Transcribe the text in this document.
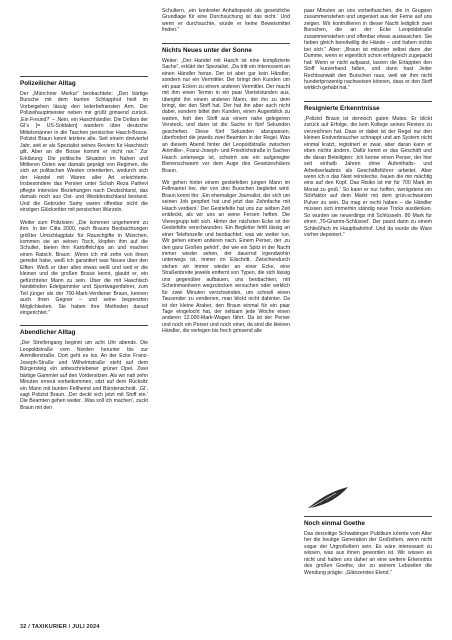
Polizeilicher Alltag

Der „Münchner Merkur“ beobachtete: „Den bärtige Bursche mit dem bunten Schlapphut hielt im Vorbeigehen lässig den lederbefransten Arm. Der Polizeihauptmeister neben mir grüßt grinsend zurück. ‚Ein Freund?‘ – ‚Nein, ein Haschhändler. Die Dollars der GI’s [= US-Soldaten] wandern über deutsche Mittelsmänner in die Taschen persischer Hasch-Bosse. Polizist Braun kennt letztere alle. Seit einem dreiviertel Jahr, seit er als Spezialist seines Reviers für Haschisch gilt. Aber an die Bosse kommt er nicht ran.“ Zur Erklärung: Die politische Situation im Nahen und Mittleren Osten war damals geprägt von Regimen, die sich an politischen Westen orientierten, wodurch sich der Handel mit Waren aller Art erleichterte. Insbesondere das Persien unter Schah Reza Pahlevi pflegte intensive Beziehungen nach Deutschland, das damals noch aus Ost- und Westdeutschland bestand. Und die Gebrüder Samy waren offenbar nicht die einzigen Glücksritter mit persischen Wurzeln.

Weiter zum Polizisten: „Die kommen ungehemmt zu ihm. In der Citta 2000, nach Brauns Beobachtungen größter Umschlagplatz für Rauschgifte in München, kommen sie an seinen Tisch, klopfen ihm auf die Schulter, bieten ihm Kartoffelchips an und machen einen Ratsch. Braun: ‚Wenn ich mit zehn von ihnen geredet habe, weiß ich garantiert was Neues über den Elften. Weiß er über alles etwas weiß und weil er die kleinen und die großen Bosse kennt, glaubt er, ein gefürchteter Mann zu sein. Über die mit Haschisch handelnden Edelgammler und Sportwagenfahrer, zum Teil jünger als der 700-Mark-Verdiener Braun, kennen auch ihren Gegner – und seine begrenzten Möglichkeiten. Sie haben ihre Methoden darauf eingerichtet.“

Abendlicher Alltag

„Der Streifengang beginnt um acht Uhr abends. Die Leopoldstraße vom Norden herunter bis zur Ainmillerstraße. Dort geht es los. An der Ecke Franz-Joseph-Straße und Wilhelmstraße steht auf dem Bürgersteig ein unbeschriebener grüner Opel. Zwei bärtige Gammler auf den Vordersitzen. Als wir nah zehn Minuten erneut vorbeikommen, sitzt auf dem Rücksitz ein Mann mit bunten Fellhemd und Bürstenschnitt. ‚GI‘, sagt Polizist Braun. ‚Der deckt sich jetzt mit Stoff ein.‘ Die Beamten gehen weiter. ‚Was soll ich machen‘, zuckt Braun mit den

Schultern, ‚ein konkreter Anhaltspunkt als gesetzliche Grundlage für eine Durchsuchung ist das nicht.‘ Und wenn er durchsuchte, würde er keine Beweismittel finden.“

Nichts Neues unter der Sonne

Weiter: „Der Handel mit Hasch ist eine komplizierte Sache“, erklärt der Spezialist. „Da tritt ein Interessent an einen Händler heran. Der ist aber gar kein Händler, sondern nur ein Vermittler. Der bringt den Kunden um ein paar Ecken zu einem anderen Vermittler. Der macht mit ihm einen Termin in ein paar Viertelstunden aus, übergibt ihn einem anderen Mann, der ihn zu dem bringt, der den Stoff hat. Der hat ihn aber auch nicht dabei, sondern bittet den Kunden, einen Augenblick zu warten, holt den Stoff aus einem nahe gelegenen Versteck, und dann ist die Sache in fünf Sekunden geschehen. Diese fünf Sekunden abzupassen, überfordert die jeweils zwei Beamten in der Regel. Was an diesem Abend hinter der Leopoldstraße zwischen Ainmiller-, Franz-Joseph- und Friedrichstraße in Sachen Hasch unterwegs ist, schwirrt wie ein aufgeregter Bienenschwarm vor dem Auge des Gesetzeshüters Braun.

Wir gehen hinter einem gestiefelten jungen Mann im Fellmantel her, der von drei Burschen begleitet wird. Braun kennt ihn: ‚Ein ehemaliger Journalist, der sich um seinen Job geopfert hat und jetzt das Zehnfache mit Hasch verdient.‘ Der Gestiefelte hat uns zur selben Zeit entdeckt, als wir uns an seine Fersen heften. Die Vierergrupp teilt sich. Hinter der nächsten Ecke ist der Gestiefelte verschwunden. Ein Begleiter fehlt lässig an einer Telefonzelle und beobachtet, was wir weiter tun. Wir gehen einem anderen nach. Einem Perser, der ‚zu den ganz Großen gehört‘, der wie ein Spitz in der Nacht immer wieder sehen, der dauernd irgendwohin unterwegs ist, immer im Eilschritt. Zwischendurch stehen wir immer wieder an einer Ecke, eine Straßenbreite jeweils entfernt von Typen, die sich lässig uns gegenüber aufbauen, uns beobachten, mit Scheinmanövern wegzulocken versuchen oder wirklich für zwei Minuten verschwinden, um schnell einen Tausender zu verdienen, man blickt nicht dahinter. Da ist der kleine Araber, den Braun einmal für ein paar Tage eingelocht hat, der seltsam jede Woche einen anderen 12.000-Mark-Wagen fährt. Da ist der Perser und noch ein Perser und noch einer, da sind die kleinen Händler, die verlegen bis frech grinsend alle

paar Minuten an uns vorbeihuschen, die in Gruppen zusammenstehen und ungeniert aus der Ferne auf uns zeigen. Wir kontrollieren in dieser Nacht lediglich zwei Burschen, die an der Ecke Leopoldstraße zusammenstehen und offenbar etwas austauschen. Sie heben gleich bereitwillig die Hände – und haben nichts bei sich.“ Aber: „Braun ist mitunter selbst dann ‚der Dumme, wenn er eigentlich schon erfolgreich zugepackt hat: Wenn er nicht aufpasst, lassen die Ertappten den Stoff kurzerhand fallen, und dann hast Jeder Rechtsanwalt den Burschen raus, weil wir ihm nicht hundertprozentig nachweisen können, dass er den Stoff wirklich gehabt hat.“

Resignierte Erkenntnisse

„Polizist Braun ist dennoch guten Mutes. Er blickt zurück auf Erfolge, die kein Kollege seines Reviers zu verzeichnen hat. Dass er dabei ist der Regel nur den kleinen Endverbraucher schnappt und am System nicht einmal kratzt, registriert er zwar, aber daran kann er eben nichts ändern. Dafür kennt er das Geschäft und die daran Beteiligten: ‚Ich kenne einen Perser, der hier seit einhalb Jahren ohne Aufenthalts- und Arbeitserlaubnis als Geschäftsführer arbeitet. Aber wenn ich n das Nest reinsteche, hauen die mir mächtig eins auf den Kopf. Das Risiko ist mir für 700 Mark im Monat zu groß.‘ So kann er nur hoffen, wenigstens ein Störfaktor auf dem Markt mit dem grün-schwarzen Pulver zu sein. Da mag er recht haben – die Händler müssen sich immerhin ständig neue Tricks ausdenken. So wurden sie neuerdings mit Schlüsseln. 80 Mark für einen ‚70-Gramm-Schlüssel‘. Der passt dann zu einem Schließfach im Hauptbahnhof. Und da wurde die Ware vorher deponiert.“

Noch einmal Goethe

Das derzeitige Schwabinger Publikum könnte vom Alter her die heutige Generation der Großeltern, wenn nicht sogar der Urgroßeltern sein. Es wäre interessant zu wissen, was aus ihnen geworden ist. Wir wissen es nicht und halten uns daher an eine weitere Erkenntnis des großen Goethe, der zu seinem Lebzeiten die Wendung prägte: „Glänzendes Elend.“

32 / TAXIKURIER / JULI 2024
